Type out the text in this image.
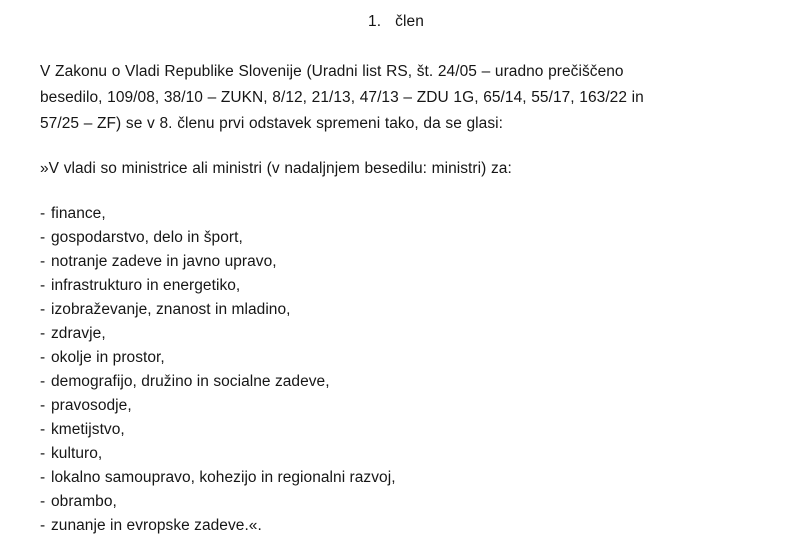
1. člen

V Zakonu o Vladi Republike Slovenije (Uradni list RS, št. 24/05 – uradno prečiščeno
besedilo, 109/08, 38/10 – ZUKN, 8/12, 21/13, 47/13 – ZDU 1G, 65/14, 55/17, 163/22 in
57/25 – ZF) se v 8. členu prvi odstavek spremeni tako, da se glasi:

»V vladi so ministrice ali ministri (v nadaljnjem besedilu: ministri) za:

- finance,
- gospodarstvo, delo in šport,
- notranje zadeve in javno upravo,
- infrastrukturo in energetiko,
- izobraževanje, znanost in mladino,
- zdravje,
- okolje in prostor,
- demografijo, družino in socialne zadeve,
- pravosodje,
- kmetijstvo,
- kulturo,
- lokalno samoupravo, kohezijo in regionalni razvoj,
- obrambo,
- zunanje in evropske zadeve.«.
